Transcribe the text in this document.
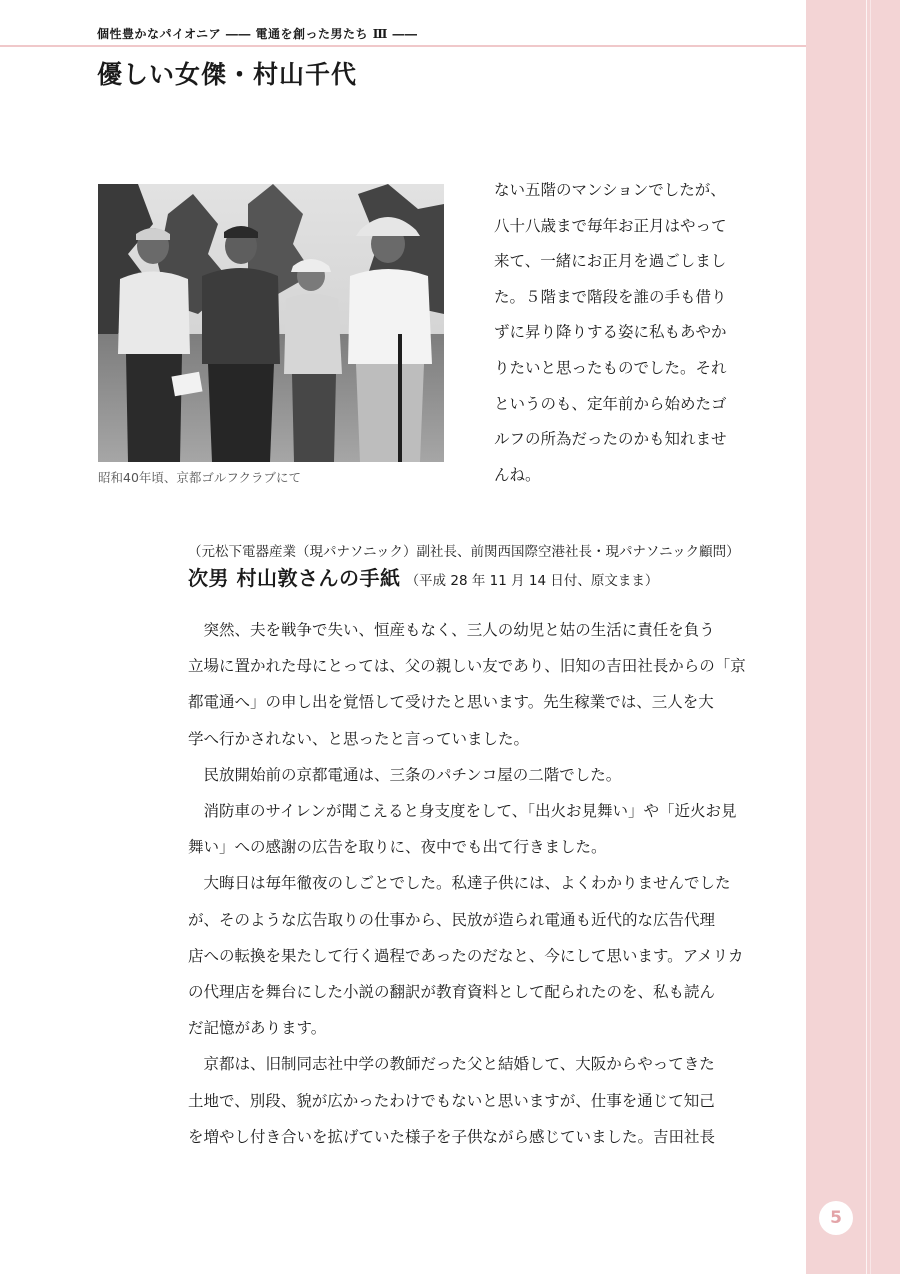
個性豊かなパイオニア ―― 電通を創った男たち Ⅲ ――
優しい女傑・村山千代
昭和40年頃、京都ゴルフクラブにて

ない五階のマンションでしたが、

八十八歳まで毎年お正月はやって

来て、一緒にお正月を過ごしまし

た。５階まで階段を誰の手も借り

ずに昇り降りする姿に私もあやか

りたいと思ったものでした。それ

というのも、定年前から始めたゴ

ルフの所為だったのかも知れませ

んね。

（元松下電器産業（現パナソニック）副社長、前関西国際空港社長・現パナソニック顧問）
次男 村山敦さんの手紙 （平成 28 年 11 月 14 日付、原文まま）

　突然、夫を戦争で失い、恒産もなく、三人の幼児と姑の生活に責任を負う

立場に置かれた母にとっては、父の親しい友であり、旧知の吉田社長からの「京

都電通へ」の申し出を覚悟して受けたと思います。先生稼業では、三人を大

学へ行かされない、と思ったと言っていました。

　民放開始前の京都電通は、三条のパチンコ屋の二階でした。

　消防車のサイレンが聞こえると身支度をして、「出火お見舞い」や「近火お見

舞い」への感謝の広告を取りに、夜中でも出て行きました。

　大晦日は毎年徹夜のしごとでした。私達子供には、よくわかりませんでした

が、そのような広告取りの仕事から、民放が造られ電通も近代的な広告代理

店への転換を果たして行く過程であったのだなと、今にして思います。アメリカ

の代理店を舞台にした小説の翻訳が教育資料として配られたのを、私も読ん

だ記憶があります。

　京都は、旧制同志社中学の教師だった父と結婚して、大阪からやってきた

土地で、別段、貌が広かったわけでもないと思いますが、仕事を通じて知己

を増やし付き合いを拡げていた様子を子供ながら感じていました。吉田社長

5
